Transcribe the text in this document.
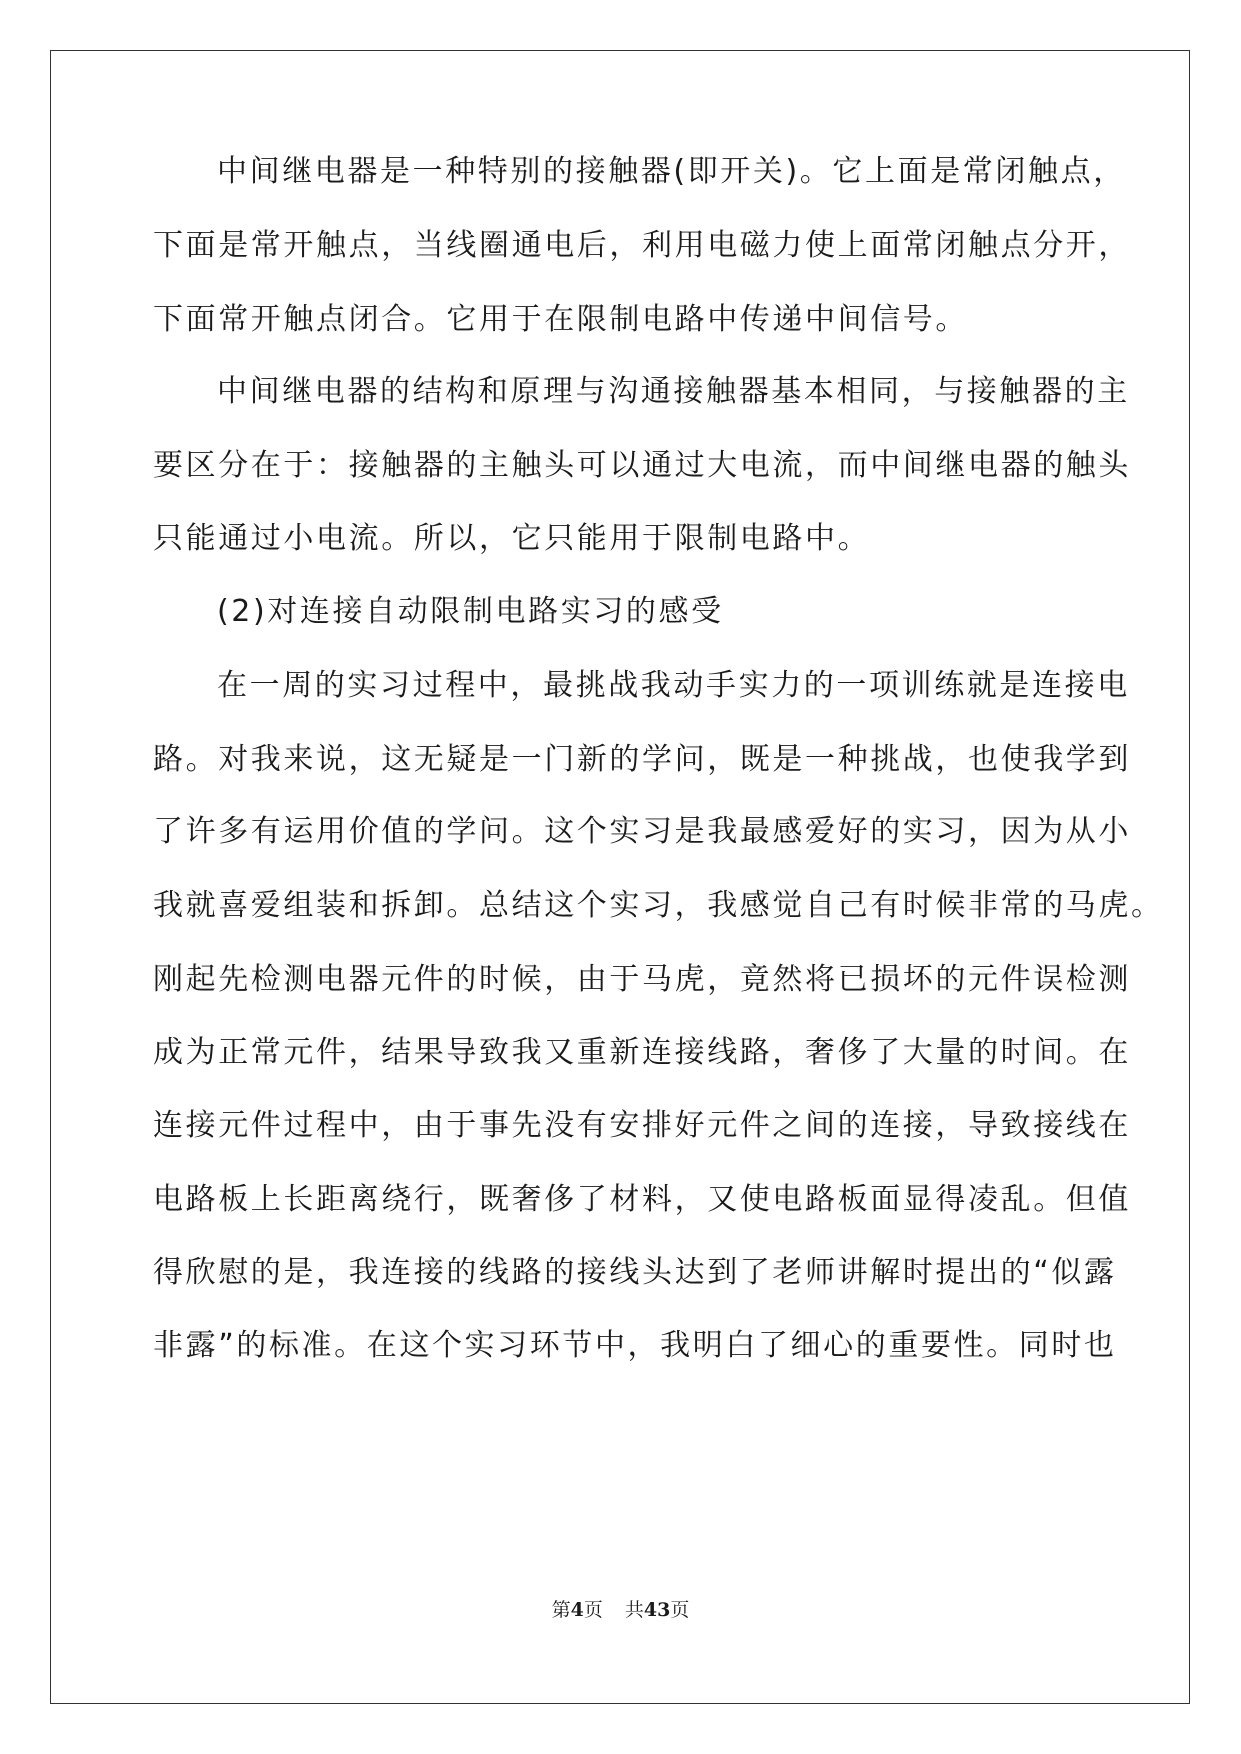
中间继电器是一种特别的接触器(即开关)。它上面是常闭触点，
下面是常开触点，当线圈通电后，利用电磁力使上面常闭触点分开，
下面常开触点闭合。它用于在限制电路中传递中间信号。
中间继电器的结构和原理与沟通接触器基本相同，与接触器的主
要区分在于：接触器的主触头可以通过大电流，而中间继电器的触头
只能通过小电流。所以，它只能用于限制电路中。
(2)对连接自动限制电路实习的感受
在一周的实习过程中，最挑战我动手实力的一项训练就是连接电
路。对我来说，这无疑是一门新的学问，既是一种挑战，也使我学到
了许多有运用价值的学问。这个实习是我最感爱好的实习，因为从小
我就喜爱组装和拆卸。总结这个实习，我感觉自己有时候非常的马虎。
刚起先检测电器元件的时候，由于马虎，竟然将已损坏的元件误检测
成为正常元件，结果导致我又重新连接线路，奢侈了大量的时间。在
连接元件过程中，由于事先没有安排好元件之间的连接，导致接线在
电路板上长距离绕行，既奢侈了材料，又使电路板面显得凌乱。但值
得欣慰的是，我连接的线路的接线头达到了老师讲解时提出的“似露
非露”的标准。在这个实习环节中，我明白了细心的重要性。同时也
第4页 共43页
